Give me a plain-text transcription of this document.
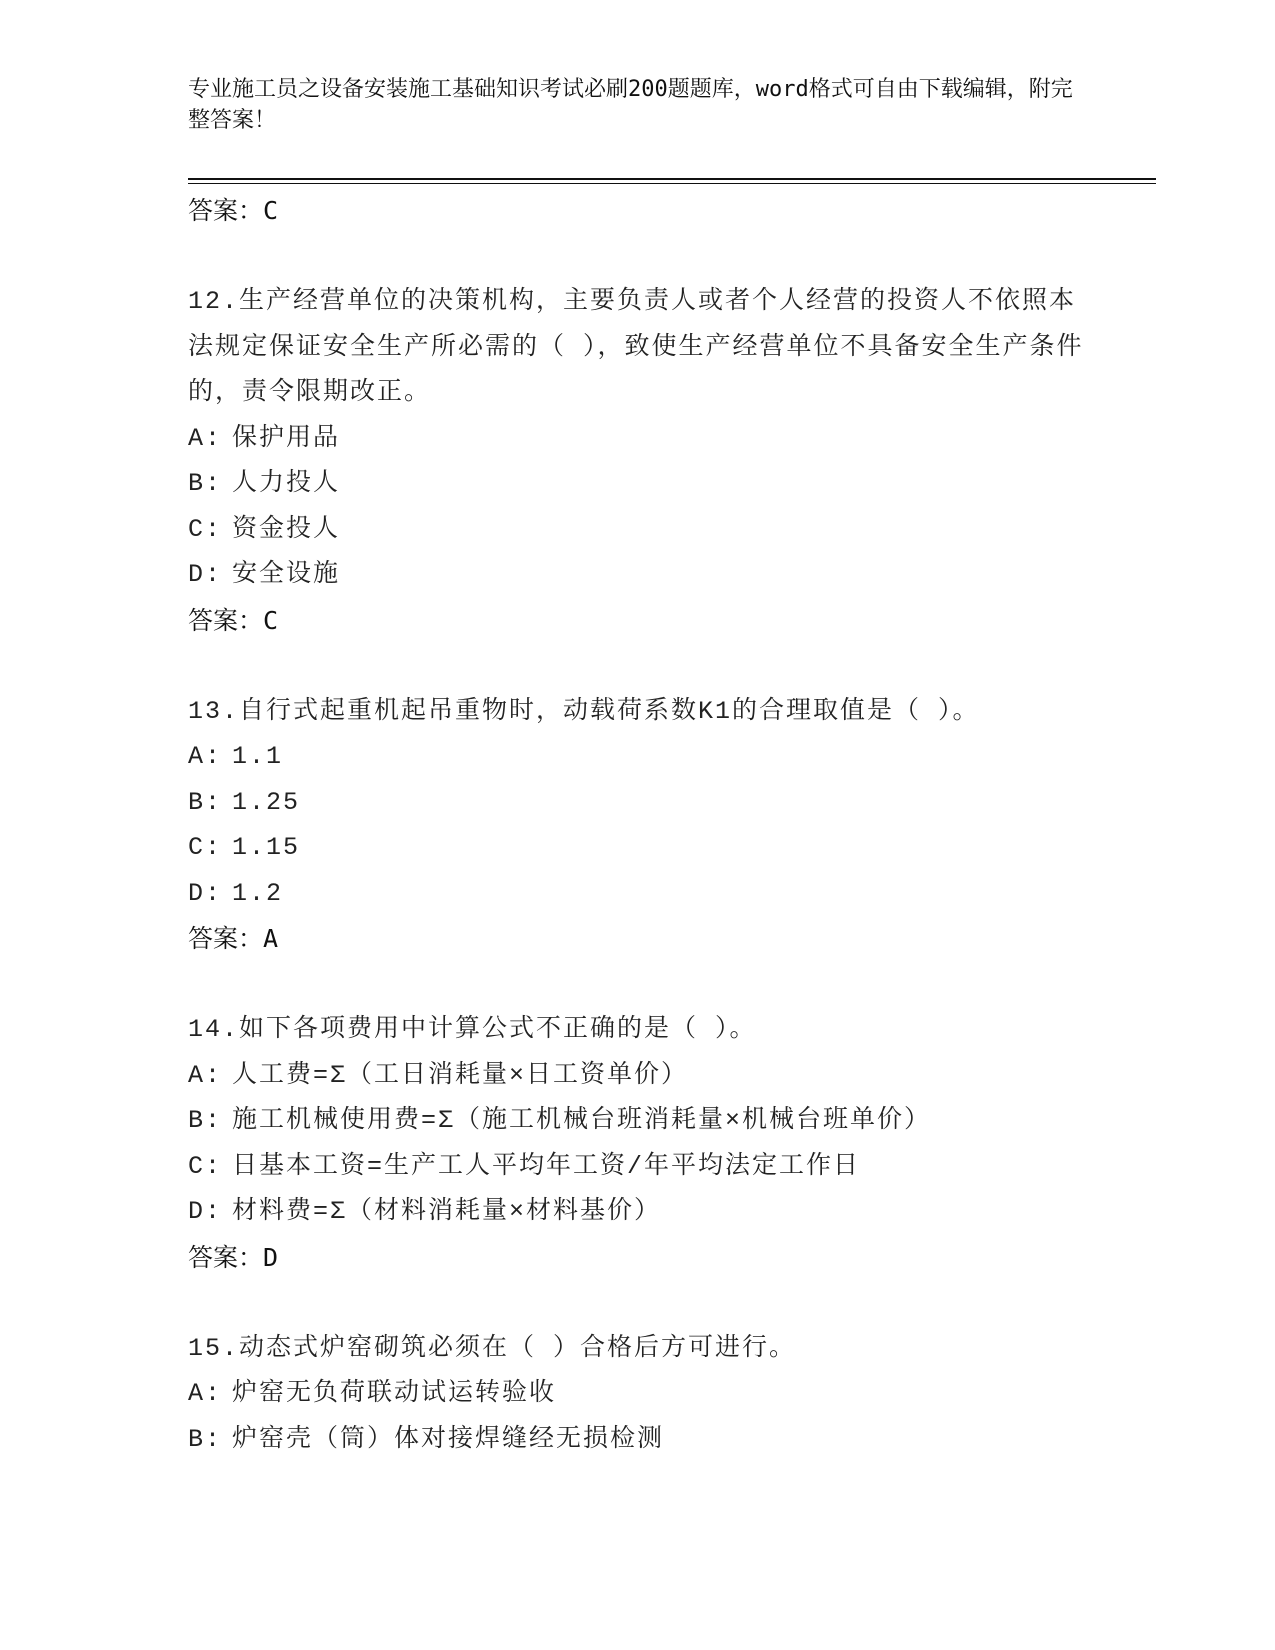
专业施工员之设备安装施工基础知识考试必刷200题题库，word格式可自由下载编辑，附完整答案！
答案：C

12.生产经营单位的决策机构，主要负责人或者个人经营的投资人不依照本法规定保证安全生产所必需的（ ），致使生产经营单位不具备安全生产条件的，责令限期改正。

A: 保护用品
B: 人力投人
C: 资金投人
D: 安全设施
答案：C

13.自行式起重机起吊重物时，动载荷系数K1的合理取值是（ ）。

A: 1.1
B: 1.25
C: 1.15
D: 1.2
答案：A

14.如下各项费用中计算公式不正确的是（ ）。

A: 人工费=Σ（工日消耗量×日工资单价）
B: 施工机械使用费=Σ（施工机械台班消耗量×机械台班单价）
C: 日基本工资=生产工人平均年工资/年平均法定工作日
D: 材料费=Σ（材料消耗量×材料基价）
答案：D

15.动态式炉窑砌筑必须在（ ）合格后方可进行。

A: 炉窑无负荷联动试运转验收
B: 炉窑壳（筒）体对接焊缝经无损检测
